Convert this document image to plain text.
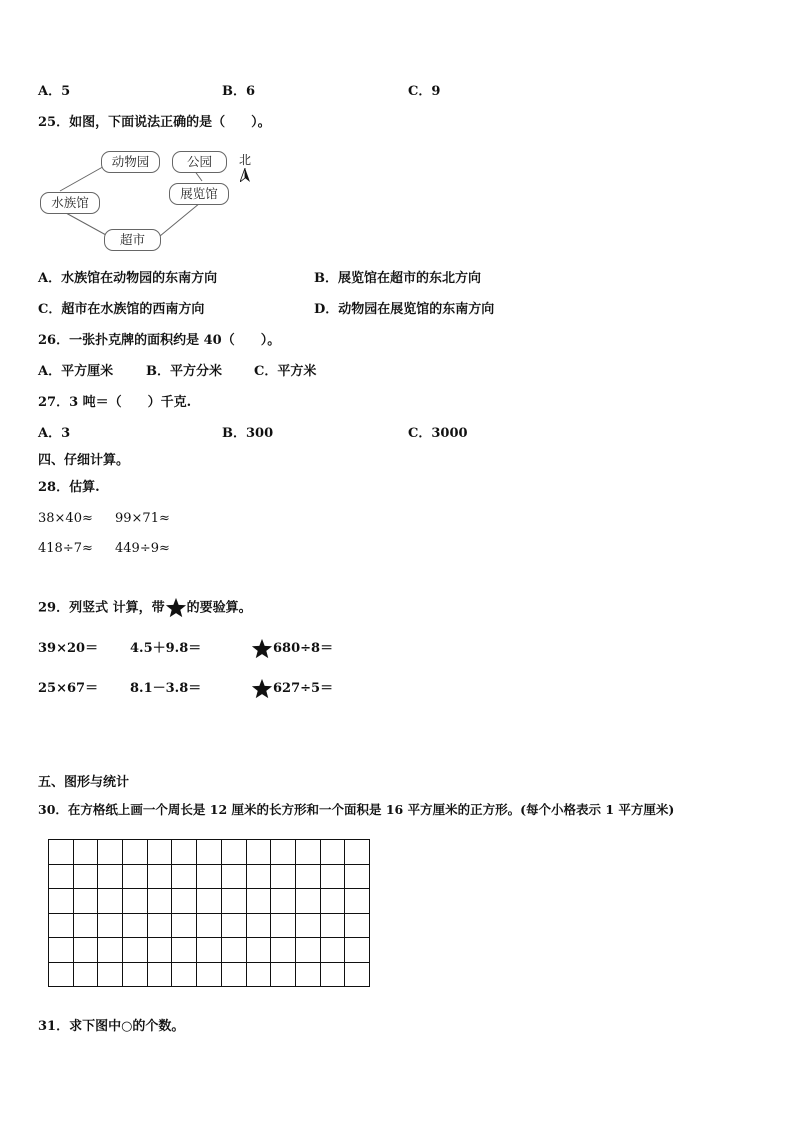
A．5	B．6	C．9
25．如图，下面说法正确的是（　　）。
动物园	公园
展览馆
水族馆
超市
北
A．水族馆在动物园的东南方向	B．展览馆在超市的东北方向
C．超市在水族馆的西南方向	D．动物园在展览馆的东南方向
26．一张扑克牌的面积约是 40（　　）。
A．平方厘米	B．平方分米 C．平方米
27．3 吨＝（　　）千克.
A．3	B．300	C．3000
四、仔细计算。
28．估算.
38×40≈ 99×71≈
418÷7≈ 449÷9≈
29．列竖式 计算，带 的要验算。
39×20＝ 4.5＋9.8＝	680÷8＝
25×67＝ 8.1－3.8＝	627÷5＝
五、图形与统计
30．在方格纸上画一个周长是 12 厘米的长方形和一个面积是 16 平方厘米的正方形。(每个小格表示 1 平方厘米)

31．求下图中○的个数。
